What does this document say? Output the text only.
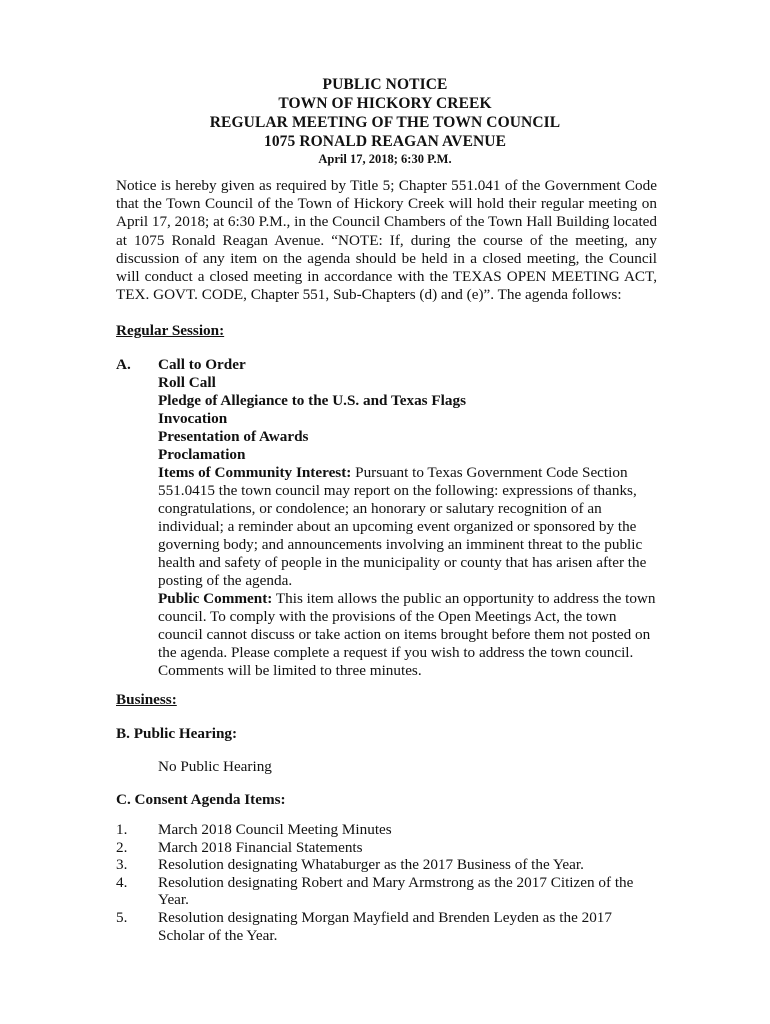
PUBLIC NOTICE
TOWN OF HICKORY CREEK
REGULAR MEETING OF THE TOWN COUNCIL
1075 RONALD REAGAN AVENUE
April 17, 2018; 6:30 P.M.
Notice is hereby given as required by Title 5; Chapter 551.041 of the Government Code that the Town Council of the Town of Hickory Creek will hold their regular meeting on April 17, 2018; at 6:30 P.M., in the Council Chambers of the Town Hall Building located at 1075 Ronald Reagan Avenue. “NOTE: If, during the course of the meeting, any discussion of any item on the agenda should be held in a closed meeting, the Council will conduct a closed meeting in accordance with the TEXAS OPEN MEETING ACT, TEX. GOVT. CODE, Chapter 551, Sub-Chapters (d) and (e)”. The agenda follows:
Regular Session:
A. Call to Order
Roll Call
Pledge of Allegiance to the U.S. and Texas Flags
Invocation
Presentation of Awards
Proclamation

Items of Community Interest: Pursuant to Texas Government Code Section 551.0415 the town council may report on the following: expressions of thanks, congratulations, or condolence; an honorary or salutary recognition of an individual; a reminder about an upcoming event organized or sponsored by the governing body; and announcements involving an imminent threat to the public health and safety of people in the municipality or county that has arisen after the posting of the agenda.

Public Comment: This item allows the public an opportunity to address the town council. To comply with the provisions of the Open Meetings Act, the town council cannot discuss or take action on items brought before them not posted on the agenda. Please complete a request if you wish to address the town council. Comments will be limited to three minutes.

Business:
B. Public Hearing:
No Public Hearing
C. Consent Agenda Items:
1. March 2018 Council Meeting Minutes
2. March 2018 Financial Statements
3. Resolution designating Whataburger as the 2017 Business of the Year.
4. Resolution designating Robert and Mary Armstrong as the 2017 Citizen of the Year.
5. Resolution designating Morgan Mayfield and Brenden Leyden as the 2017 Scholar of the Year.
